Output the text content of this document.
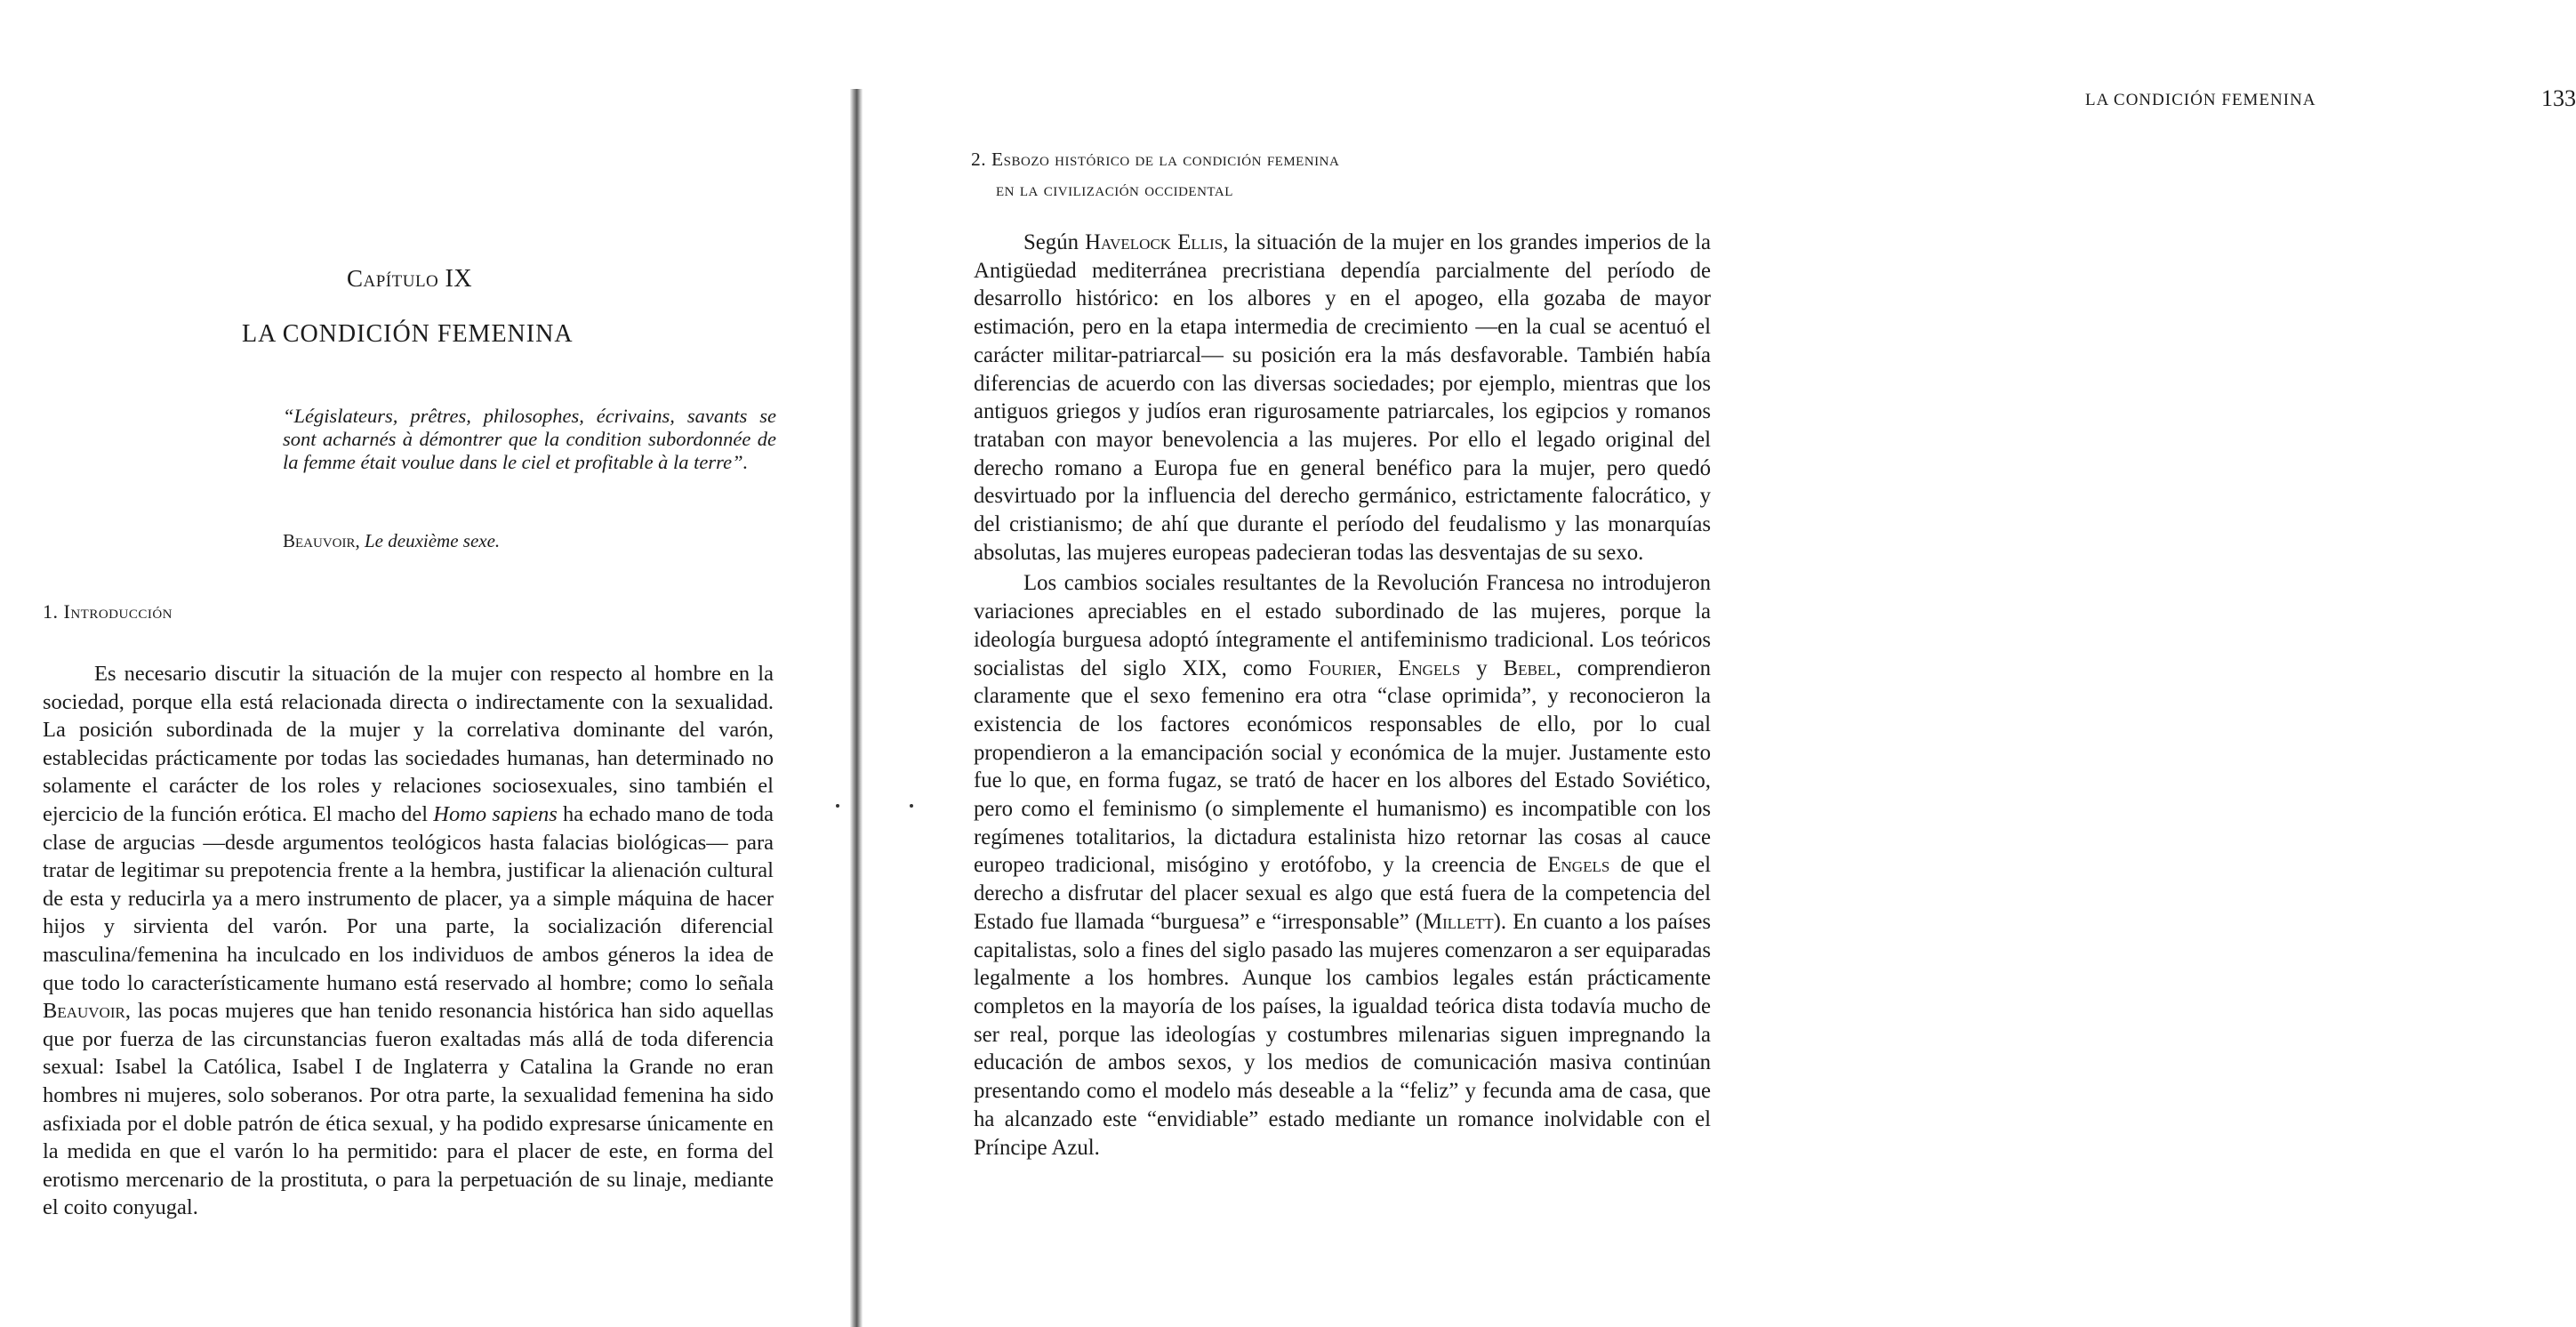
Capítulo IX
LA CONDICIÓN FEMENINA
“Législateurs, prêtres, philosophes, écrivains, savants se sont acharnés à démontrer que la condition subordonnée de la femme était voulue dans le ciel et profitable à la terre”.
Beauvoir, Le deuxième sexe.
1. Introducción

Es necesario discutir la situación de la mujer con respecto al hombre en la sociedad, porque ella está relacionada directa o indirectamente con la sexualidad. La posición subordinada de la mujer y la correlativa dominante del varón, establecidas prácticamente por todas las sociedades humanas, han determinado no solamente el carácter de los roles y relaciones sociosexuales, sino también el ejercicio de la función erótica. El macho del Homo sapiens ha echado mano de toda clase de argucias —desde argumentos teológicos hasta falacias biológicas— para tratar de legitimar su prepotencia frente a la hembra, justificar la alienación cultural de esta y reducirla ya a mero instrumento de placer, ya a simple máquina de hacer hijos y sirvienta del varón. Por una parte, la socialización diferencial masculina/femenina ha inculcado en los individuos de ambos géneros la idea de que todo lo característicamente humano está reservado al hombre; como lo señala Beauvoir, las pocas mujeres que han tenido resonancia histórica han sido aquellas que por fuerza de las circunstancias fueron exaltadas más allá de toda diferencia sexual: Isabel la Católica, Isabel I de Inglaterra y Catalina la Grande no eran hombres ni mujeres, solo soberanos. Por otra parte, la sexualidad femenina ha sido asfixiada por el doble patrón de ética sexual, y ha podido expresarse únicamente en la medida en que el varón lo ha permitido: para el placer de este, en forma del erotismo mercenario de la prostituta, o para la perpetuación de su linaje, mediante el coito conyugal.

LA CONDICIÓN FEMENINA	133
2. Esbozo histórico de la condición femenina
en la civilización occidental

Según Havelock Ellis, la situación de la mujer en los grandes imperios de la Antigüedad mediterránea precristiana dependía parcialmente del período de desarrollo histórico: en los albores y en el apogeo, ella gozaba de mayor estimación, pero en la etapa intermedia de crecimiento —en la cual se acentuó el carácter militar-patriarcal— su posición era la más desfavorable. También había diferencias de acuerdo con las diversas sociedades; por ejemplo, mientras que los antiguos griegos y judíos eran rigurosamente patriarcales, los egipcios y romanos trataban con mayor benevolencia a las mujeres. Por ello el legado original del derecho romano a Europa fue en general benéfico para la mujer, pero quedó desvirtuado por la influencia del derecho germánico, estrictamente falocrático, y del cristianismo; de ahí que durante el período del feudalismo y las monarquías absolutas, las mujeres europeas padecieran todas las desventajas de su sexo.

Los cambios sociales resultantes de la Revolución Francesa no introdujeron variaciones apreciables en el estado subordinado de las mujeres, porque la ideología burguesa adoptó íntegramente el antifeminismo tradicional. Los teóricos socialistas del siglo XIX, como Fourier, Engels y Bebel, comprendieron claramente que el sexo femenino era otra “clase oprimida”, y reconocieron la existencia de los factores económicos responsables de ello, por lo cual propendieron a la emancipación social y económica de la mujer. Justamente esto fue lo que, en forma fugaz, se trató de hacer en los albores del Estado Soviético, pero como el feminismo (o simplemente el humanismo) es incompatible con los regímenes totalitarios, la dictadura estalinista hizo retornar las cosas al cauce europeo tradicional, misógino y erotófobo, y la creencia de Engels de que el derecho a disfrutar del placer sexual es algo que está fuera de la competencia del Estado fue llamada “burguesa” e “irresponsable” (Millett). En cuanto a los países capitalistas, solo a fines del siglo pasado las mujeres comenzaron a ser equiparadas legalmente a los hombres. Aunque los cambios legales están prácticamente completos en la mayoría de los países, la igualdad teórica dista todavía mucho de ser real, porque las ideologías y costumbres milenarias siguen impregnando la educación de ambos sexos, y los medios de comunicación masiva continúan presentando como el modelo más deseable a la “feliz” y fecunda ama de casa, que ha alcanzado este “envidiable” estado mediante un romance inolvidable con el Príncipe Azul.
